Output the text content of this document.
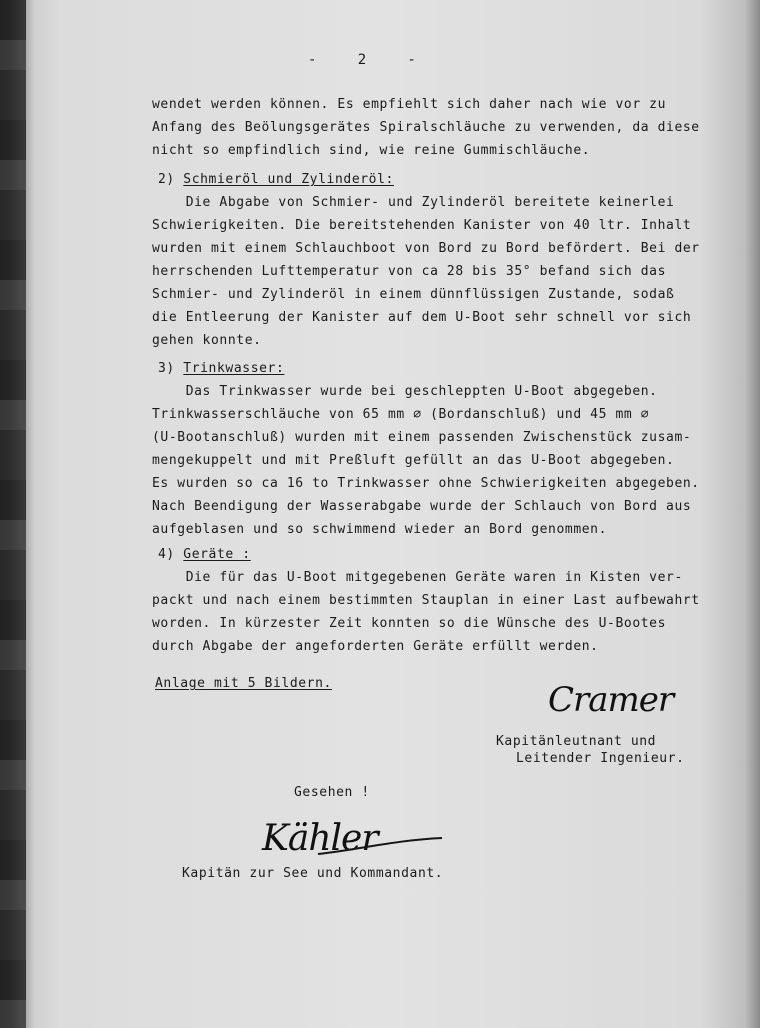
-   2   -
wendet werden können. Es empfiehlt sich daher nach wie vor zu
Anfang des Beölungsgerätes Spiralschläuche zu verwenden, da diese
nicht so empfindlich sind, wie reine Gummischläuche.
2) Schmieröl und Zylinderöl:
Die Abgabe von Schmier- und Zylinderöl bereitete keinerlei
Schwierigkeiten. Die bereitstehenden Kanister von 40 ltr. Inhalt
wurden mit einem Schlauchboot von Bord zu Bord befördert. Bei der
herrschenden Lufttemperatur von ca 28 bis 35° befand sich das
Schmier- und Zylinderöl in einem dünnflüssigen Zustande, sodaß
die Entleerung der Kanister auf dem U-Boot sehr schnell vor sich
gehen konnte.
3) Trinkwasser:
Das Trinkwasser wurde bei geschleppten U-Boot abgegeben.
Trinkwasserschläuche von 65 mm ∅ (Bordanschluß) und 45 mm ∅
(U-Bootanschluß) wurden mit einem passenden Zwischenstück zusam-
mengekuppelt und mit Preßluft gefüllt an das U-Boot abgegeben.
Es wurden so ca 16 to Trinkwasser ohne Schwierigkeiten abgegeben.
Nach Beendigung der Wasserabgabe wurde der Schlauch von Bord aus
aufgeblasen und so schwimmend wieder an Bord genommen.
4) Geräte :
Die für das U-Boot mitgegebenen Geräte waren in Kisten ver-
packt und nach einem bestimmten Stauplan in einer Last aufbewahrt
worden. In kürzester Zeit konnten so die Wünsche des U-Bootes
durch Abgabe der angeforderten Geräte erfüllt werden.
Anlage mit 5 Bildern.	Cramer
Kapitänleutnant und
Leitender Ingenieur.
Gesehen !
Kähler
Kapitän zur See und Kommandant.
